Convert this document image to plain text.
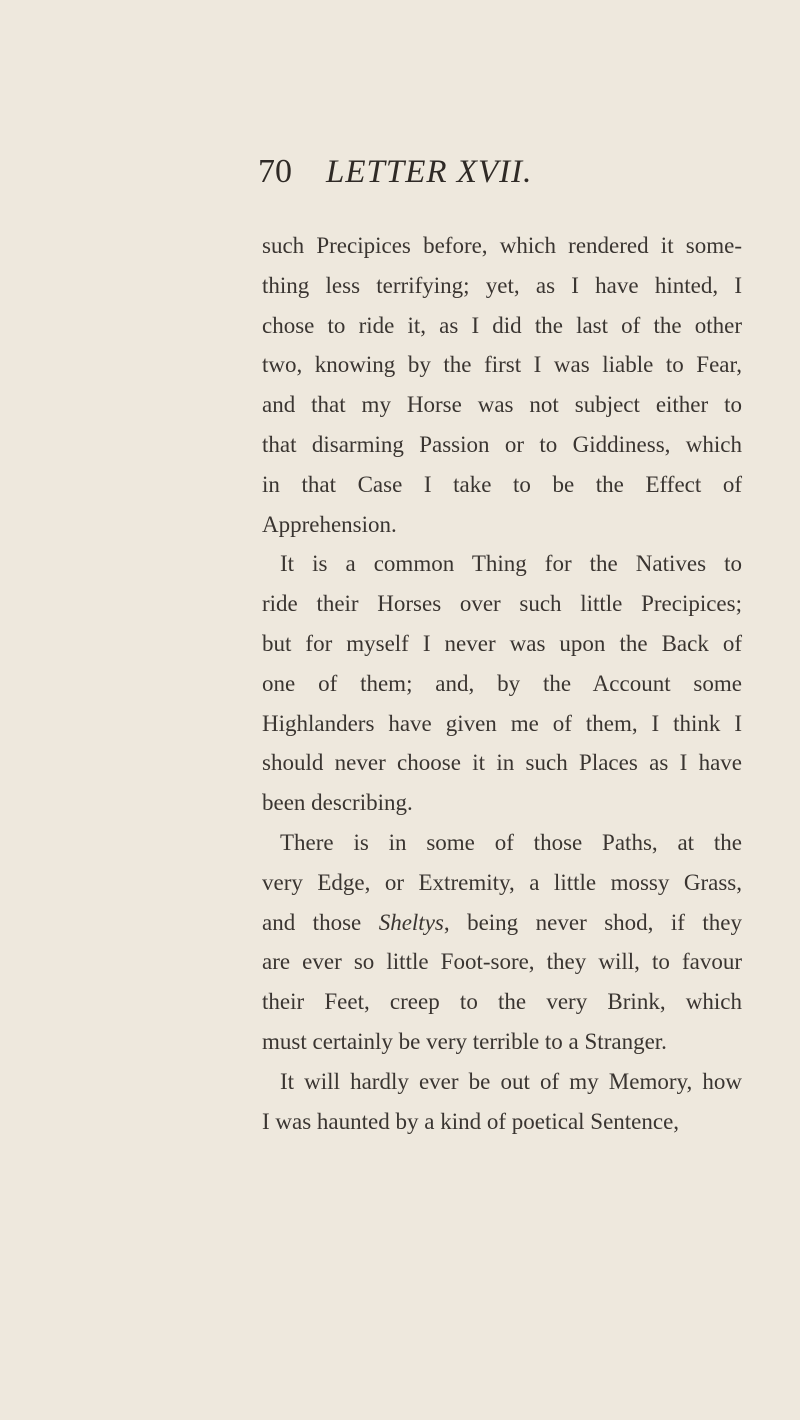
70 LETTER XVII.
such Precipices before, which rendered it some-
thing less terrifying; yet, as I have hinted, I
chose to ride it, as I did the last of the other
two, knowing by the first I was liable to Fear,
and that my Horse was not subject either to
that disarming Passion or to Giddiness, which
in that Case I take to be the Effect of
Apprehension.
It is a common Thing for the Natives to
ride their Horses over such little Precipices;
but for myself I never was upon the Back of
one of them; and, by the Account some
Highlanders have given me of them, I think I
should never choose it in such Places as I have
been describing.
There is in some of those Paths, at the
very Edge, or Extremity, a little mossy Grass,
and those Sheltys, being never shod, if they
are ever so little Foot-sore, they will, to favour
their Feet, creep to the very Brink, which
must certainly be very terrible to a Stranger.
It will hardly ever be out of my Memory, how
I was haunted by a kind of poetical Sentence,
